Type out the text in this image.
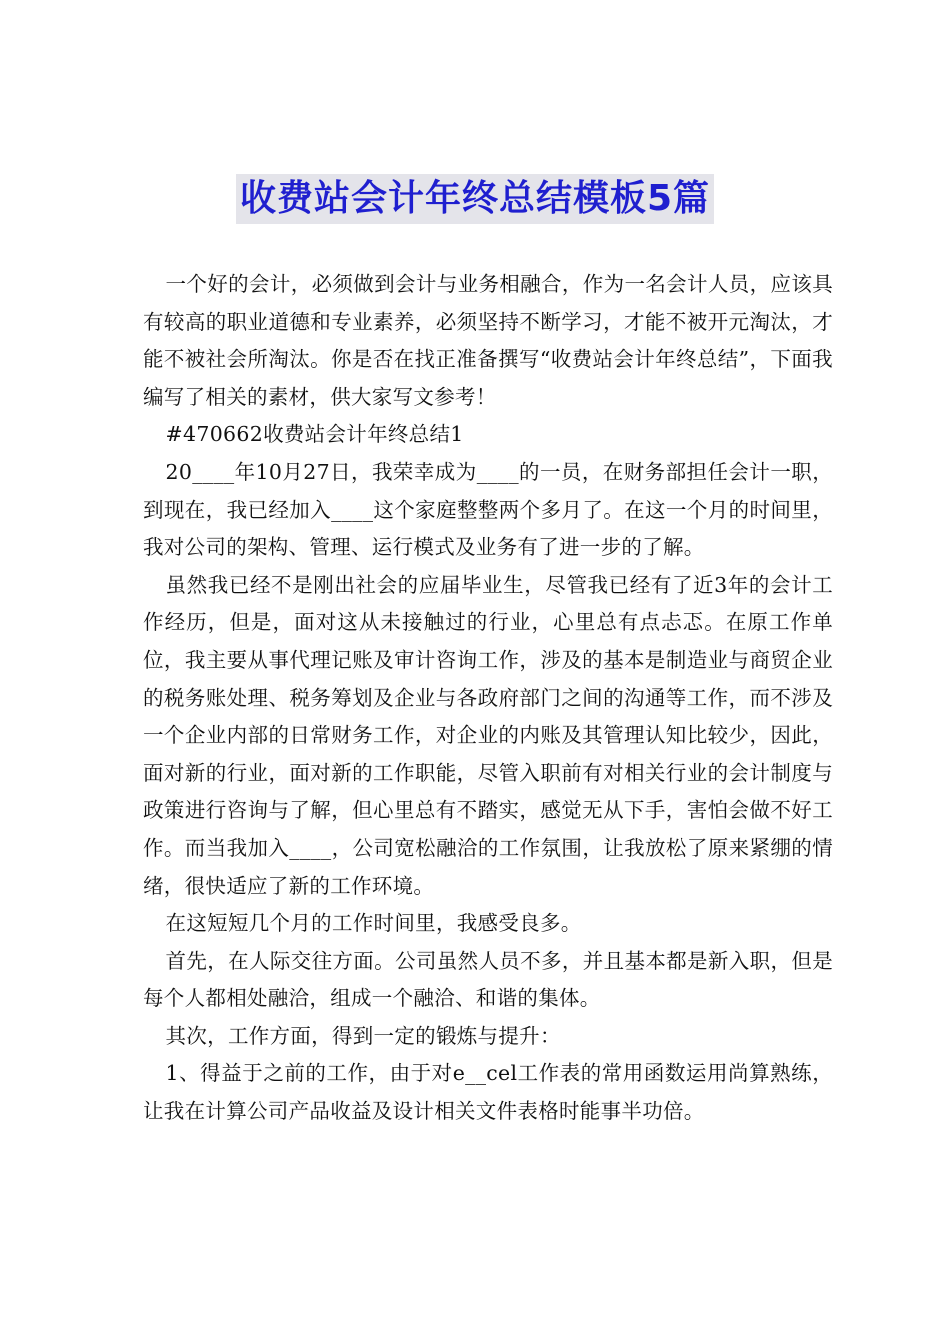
收费站会计年终总结模板5篇

一个好的会计，必须做到会计与业务相融合，作为一名会计人员，应该具有较高的职业道德和专业素养，必须坚持不断学习，才能不被开元淘汰，才能不被社会所淘汰。你是否在找正准备撰写“收费站会计年终总结”，下面我编写了相关的素材，供大家写文参考！

#470662收费站会计年终总结1

20____年10月27日，我荣幸成为____的一员，在财务部担任会计一职，到现在，我已经加入____这个家庭整整两个多月了。在这一个月的时间里，我对公司的架构、管理、运行模式及业务有了进一步的了解。

虽然我已经不是刚出社会的应届毕业生，尽管我已经有了近3年的会计工作经历，但是，面对这从未接触过的行业，心里总有点忐忑。在原工作单位，我主要从事代理记账及审计咨询工作，涉及的基本是制造业与商贸企业的税务账处理、税务筹划及企业与各政府部门之间的沟通等工作，而不涉及一个企业内部的日常财务工作，对企业的内账及其管理认知比较少，因此，面对新的行业，面对新的工作职能，尽管入职前有对相关行业的会计制度与政策进行咨询与了解，但心里总有不踏实，感觉无从下手，害怕会做不好工作。而当我加入____，公司宽松融洽的工作氛围，让我放松了原来紧绷的情绪，很快适应了新的工作环境。

在这短短几个月的工作时间里，我感受良多。

首先，在人际交往方面。公司虽然人员不多，并且基本都是新入职，但是每个人都相处融洽，组成一个融洽、和谐的集体。

其次，工作方面，得到一定的锻炼与提升：

1、得益于之前的工作，由于对e__cel工作表的常用函数运用尚算熟练，让我在计算公司产品收益及设计相关文件表格时能事半功倍。
